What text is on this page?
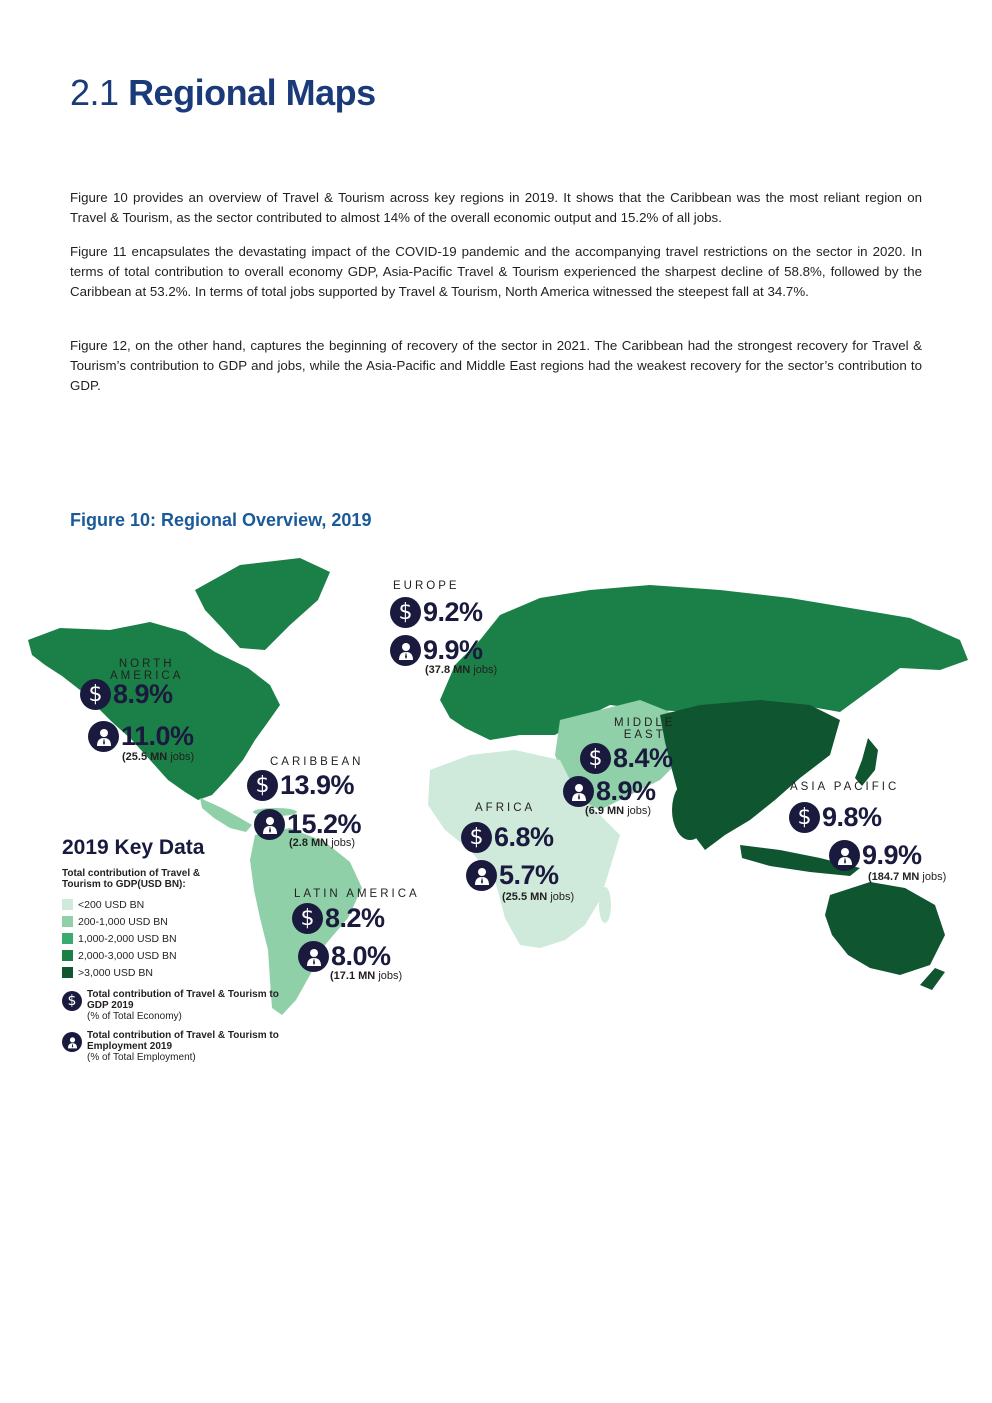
2.1 Regional Maps

Figure 10 provides an overview of Travel & Tourism across key regions in 2019. It shows that the Caribbean was the most reliant region on Travel & Tourism, as the sector contributed to almost 14% of the overall economic output and 15.2% of all jobs.

Figure 11 encapsulates the devastating impact of the COVID-19 pandemic and the accompanying travel restrictions on the sector in 2020. In terms of total contribution to overall economy GDP, Asia-Pacific Travel & Tourism experienced the sharpest decline of 58.8%, followed by the Caribbean at 53.2%. In terms of total jobs supported by Travel & Tourism, North America witnessed the steepest fall at 34.7%.

Figure 12, on the other hand, captures the beginning of recovery of the sector in 2021. The Caribbean had the strongest recovery for Travel & Tourism’s contribution to GDP and jobs, while the Asia-Pacific and Middle East regions had the weakest recovery for the sector’s contribution to GDP.

Figure 10: Regional Overview, 2019
EUROPE
$ 9.2%
9.9%
(37.8 MN jobs)
NORTH
AMERICA
$ 8.9%
11.0%
(25.5 MN jobs)	CARIBBEAN
$ 13.9%
15.2%
(2.8 MN jobs)
MIDDLE
EAST
$ 8.4%
8.9%
(6.9 MN jobs)
AFRICA
$ 6.8%
5.7%
(25.5 MN jobs)
ASIA PACIFIC
$ 9.8%
9.9%
(184.7 MN jobs)
LATIN AMERICA
$ 8.2%
8.0%
(17.1 MN jobs)
2019 Key Data
Total contribution of Travel & Tourism to GDP(USD BN):
<200 USD BN
200-1,000 USD BN
1,000-2,000 USD BN
2,000-3,000 USD BN
>3,000 USD BN
$	Total contribution of Travel & Tourism to GDP 2019
(% of Total Economy)
Total contribution of Travel & Tourism to Employment 2019
(% of Total Employment)
